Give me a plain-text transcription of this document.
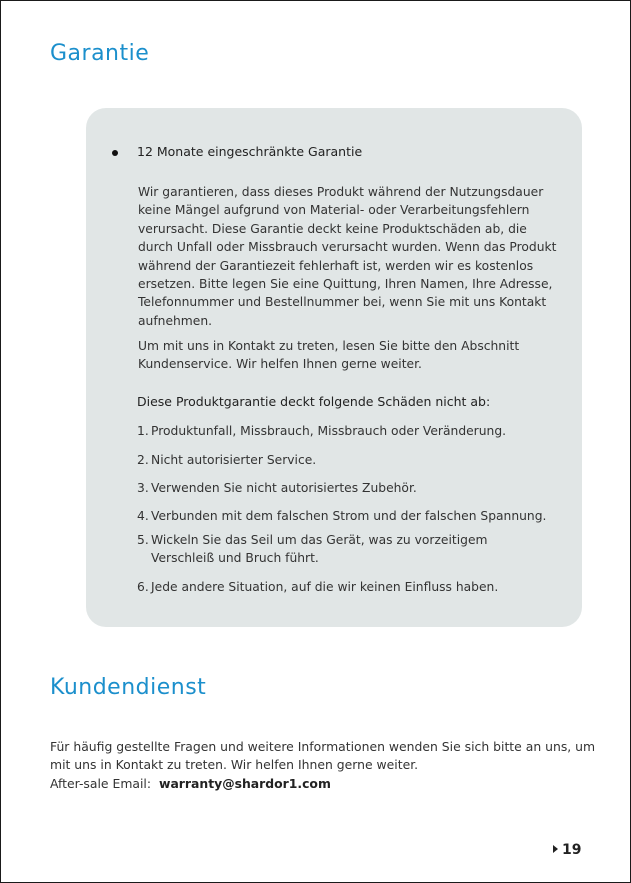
Garantie
12 Monate eingeschränkte Garantie

Wir garantieren, dass dieses Produkt während der Nutzungsdauer keine Mängel aufgrund von Material- oder Verarbeitungsfehlern verursacht. Diese Garantie deckt keine Produktschäden ab, die durch Unfall oder Missbrauch verursacht wurden. Wenn das Produkt während der Garantiezeit fehlerhaft ist, werden wir es kostenlos ersetzen. Bitte legen Sie eine Quittung, Ihren Namen, Ihre Adresse, Telefonnummer und Bestellnummer bei, wenn Sie mit uns Kontakt aufnehmen.

Um mit uns in Kontakt zu treten, lesen Sie bitte den Abschnitt Kundenservice. Wir helfen Ihnen gerne weiter.

Diese Produktgarantie deckt folgende Schäden nicht ab:

1. Produktunfall, Missbrauch, Missbrauch oder Veränderung.
2. Nicht autorisierter Service.
3. Verwenden Sie nicht autorisiertes Zubehör.
4. Verbunden mit dem falschen Strom und der falschen Spannung.
5. Wickeln Sie das Seil um das Gerät, was zu vorzeitigem
Verschleiß und Bruch führt.
6. Jede andere Situation, auf die wir keinen Einfluss haben.
Kundendienst

Für häufig gestellte Fragen und weitere Informationen wenden Sie sich bitte an uns, um mit uns in Kontakt zu treten. Wir helfen Ihnen gerne weiter.

After-sale Email: warranty@shardor1.com
19
